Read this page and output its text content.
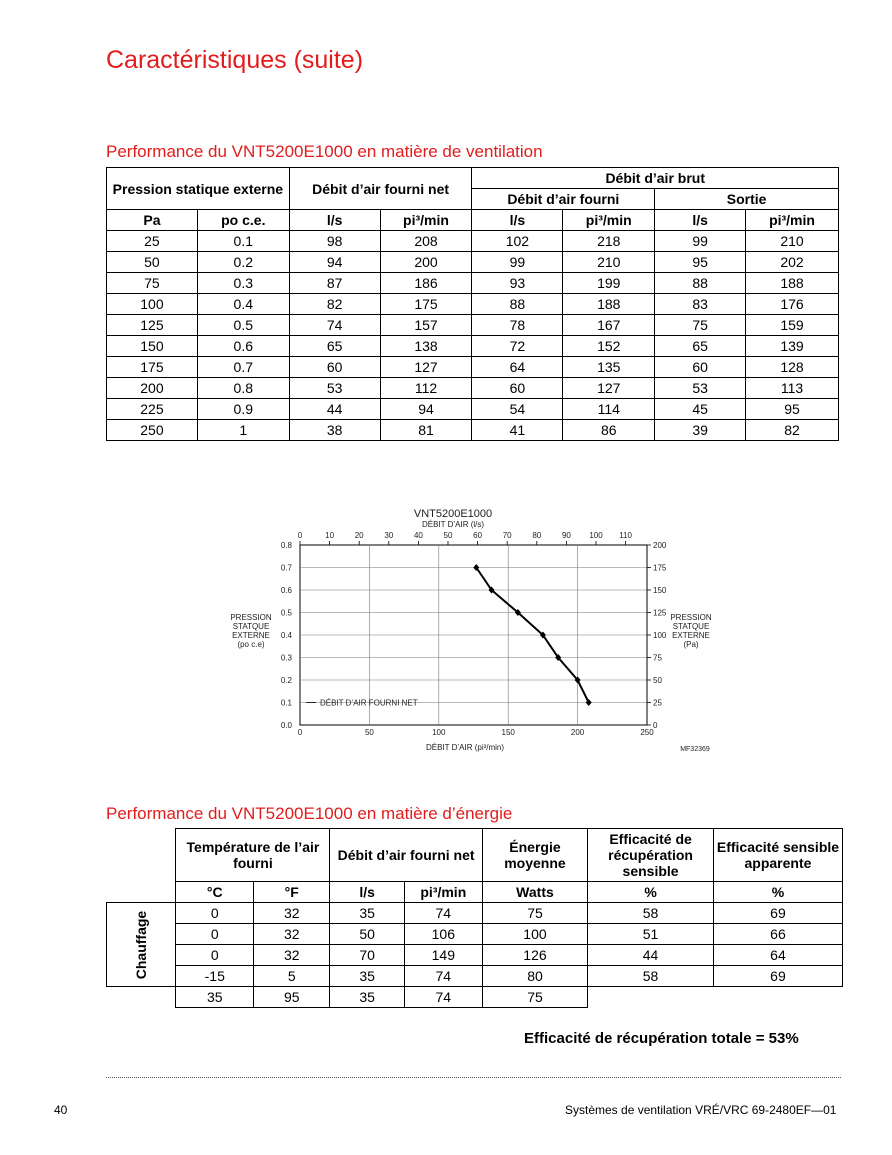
Caractéristiques (suite)
Performance du VNT5200E1000 en matière de ventilation
Pression statique externe		Débit d’air fourni net		Débit d’air brut			
				Débit d’air fourni		Sortie	
Pa	po c.e.	l/s	pi³/min	l/s	pi³/min	l/s	pi³/min
25	0.1	98	208	102	218	99	210
50	0.2	94	200	99	210	95	202
75	0.3	87	186	93	199	88	188
100	0.4	82	175	88	188	83	176
125	0.5	74	157	78	167	75	159
150	0.6	65	138	72	152	65	139
175	0.7	60	127	64	135	60	128
200	0.8	53	112	60	127	53	113
225	0.9	44	94	54	114	45	95
250	1	38	81	41	86	39	82
0.0
0.1
0.2
0.3
0.4
0.5
0.6
0.7
0.8
0
25
50
75
100
125
150
175
200
0	50	100	150	200	250
0	10	20	30	40	50	60	70	80	90 100 110
VNT5200E1000
DÉBIT D’AIR (l/s)
DÉBIT D’AIR (pi³/min)
PRESSION
STATQUE
EXTERNE
(po c.e)
PRESSION
STATQUE
EXTERNE
(Pa)
MF32369
DÉBIT D’AIR FOURNI NET
Performance du VNT5200E1000 en matière d’énergie
	Température de l’air fourni		Débit d’air fourni net		Énergie moyenne	Efficacité de récupération sensible	Efficacité sensible apparente
	°C	°F	l/s	pi³/min	Watts	%	%
Chauffage	0	32	35	74	75	58	69
	0	32	50	106	100	51	66
	0	32	70	149	126	44	64
	-15	5	35	74	80	58	69
	35	95	35	74	75		
Efficacité de récupération totale = 53%
40	Systèmes de ventilation VRÉ/VRC 69-2480EF—01
